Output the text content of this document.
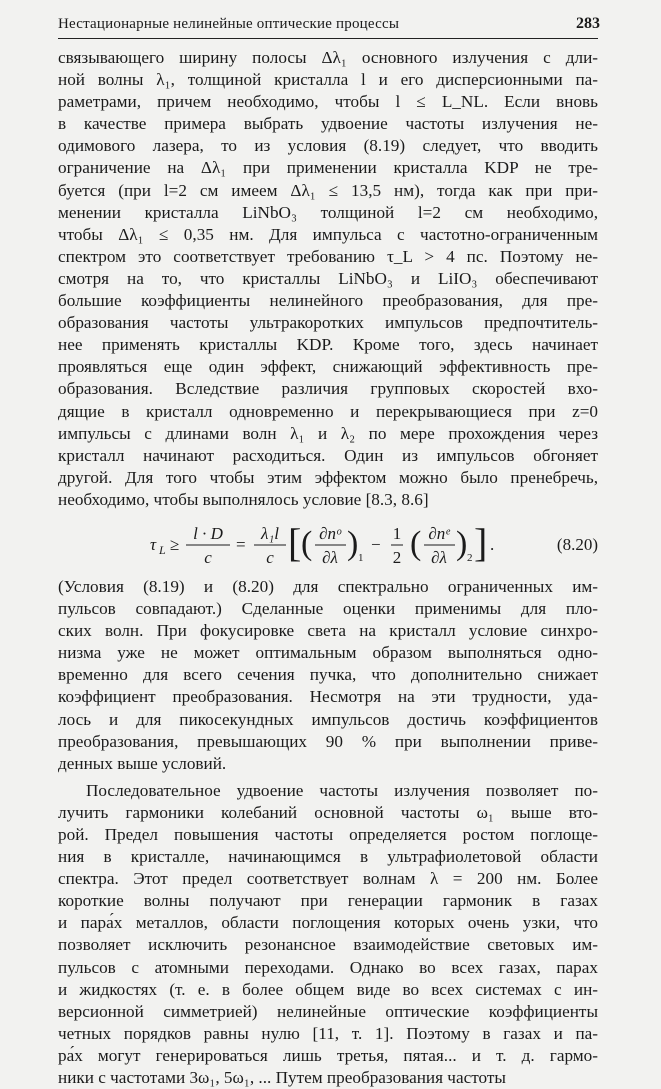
Нестационарные нелинейные оптические процессы	283
связывающего ширину полосы Δλ₁ основного излучения с дли-
ной волны λ₁, толщиной кристалла l и его дисперсионными па-
раметрами, причем необходимо, чтобы l ≤ L_NL. Если вновь
в качестве примера выбрать удвоение частоты излучения не-
одимового лазера, то из условия (8.19) следует, что вводить
ограничение на Δλ₁ при применении кристалла KDP не тре-
буется (при l=2 см имеем Δλ₁ ≤ 13,5 нм), тогда как при при-
менении кристалла LiNbO₃ толщиной l=2 см необходимо,
чтобы Δλ₁ ≤ 0,35 нм. Для импульса с частотно-ограниченным
спектром это соответствует требованию τ_L > 4 пс. Поэтому не-
смотря на то, что кристаллы LiNbO₃ и LiIO₃ обеспечивают
большие коэффициенты нелинейного преобразования, для пре-
образования частоты ультракоротких импульсов предпочтитель-
нее применять кристаллы KDP. Кроме того, здесь начинает
проявляться еще один эффект, снижающий эффективность пре-
образования. Вследствие различия групповых скоростей вхо-
дящие в кристалл одновременно и перекрывающиеся при z=0
импульсы с длинами волн λ₁ и λ₂ по мере прохождения через
кристалл начинают расходиться. Один из импульсов обгоняет
другой. Для того чтобы этим эффектом можно было пренебречь,
необходимо, чтобы выполнялось условие [8.3, 8.6]
τ L ≥
l · D
c
=
λ₁l
c [ ( ∂nᵒ
∂λ ) 1
−
1
2 ( ∂nᵉ
∂λ ) 2 ] .	(8.20)
(Условия (8.19) и (8.20) для спектрально ограниченных им-
пульсов совпадают.) Сделанные оценки применимы для пло-
ских волн. При фокусировке света на кристалл условие синхро-
низма уже не может оптимальным образом выполняться одно-
временно для всего сечения пучка, что дополнительно снижает
коэффициент преобразования. Несмотря на эти трудности, уда-
лось и для пикосекундных импульсов достичь коэффициентов
преобразования, превышающих 90 % при выполнении приве-
денных выше условий.
Последовательное удвоение частоты излучения позволяет по-
лучить гармоники колебаний основной частоты ω₁ выше вто-
рой. Предел повышения частоты определяется ростом поглоще-
ния в кристалле, начинающимся в ультрафиолетовой области
спектра. Этот предел соответствует волнам λ = 200 нм. Более
короткие волны получают при генерации гармоник в газах
и пара́х металлов, области поглощения которых очень узки, что
позволяет исключить резонансное взаимодействие световых им-
пульсов с атомными переходами. Однако во всех газах, парах
и жидкостях (т. е. в более общем виде во всех системах с ин-
версионной симметрией) нелинейные оптические коэффициенты
четных порядков равны нулю [11, т. 1]. Поэтому в газах и па-
ра́х могут генерироваться лишь третья, пятая... и т. д. гармо-
ники с частотами 3ω₁, 5ω₁, ... Путем преобразования частоты
